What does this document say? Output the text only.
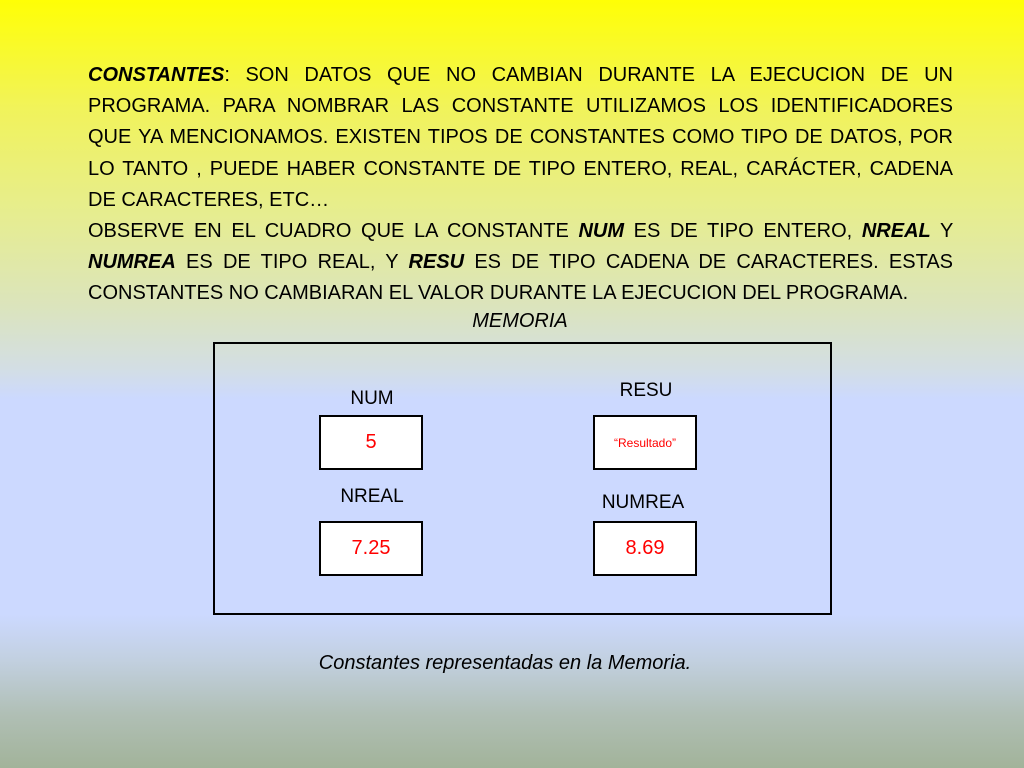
CONSTANTES: SON DATOS QUE NO CAMBIAN DURANTE LA EJECUCION DE UN PROGRAMA. PARA NOMBRAR LAS CONSTANTE UTILIZAMOS LOS IDENTIFICADORES QUE YA MENCIONAMOS. EXISTEN TIPOS DE CONSTANTES COMO TIPO DE DATOS, POR LO TANTO , PUEDE HABER CONSTANTE DE TIPO ENTERO, REAL, CARÁCTER, CADENA DE CARACTERES, ETC…

OBSERVE EN EL CUADRO QUE LA CONSTANTE NUM ES DE TIPO ENTERO, NREAL Y NUMREA ES DE TIPO REAL, Y RESU ES DE TIPO CADENA DE CARACTERES. ESTAS CONSTANTES NO CAMBIARAN EL VALOR DURANTE LA EJECUCION DEL PROGRAMA.

MEMORIA
NUM
5
RESU
“Resultado”
NREAL
7.25
NUMREA
8.69
Constantes representadas en la Memoria.
